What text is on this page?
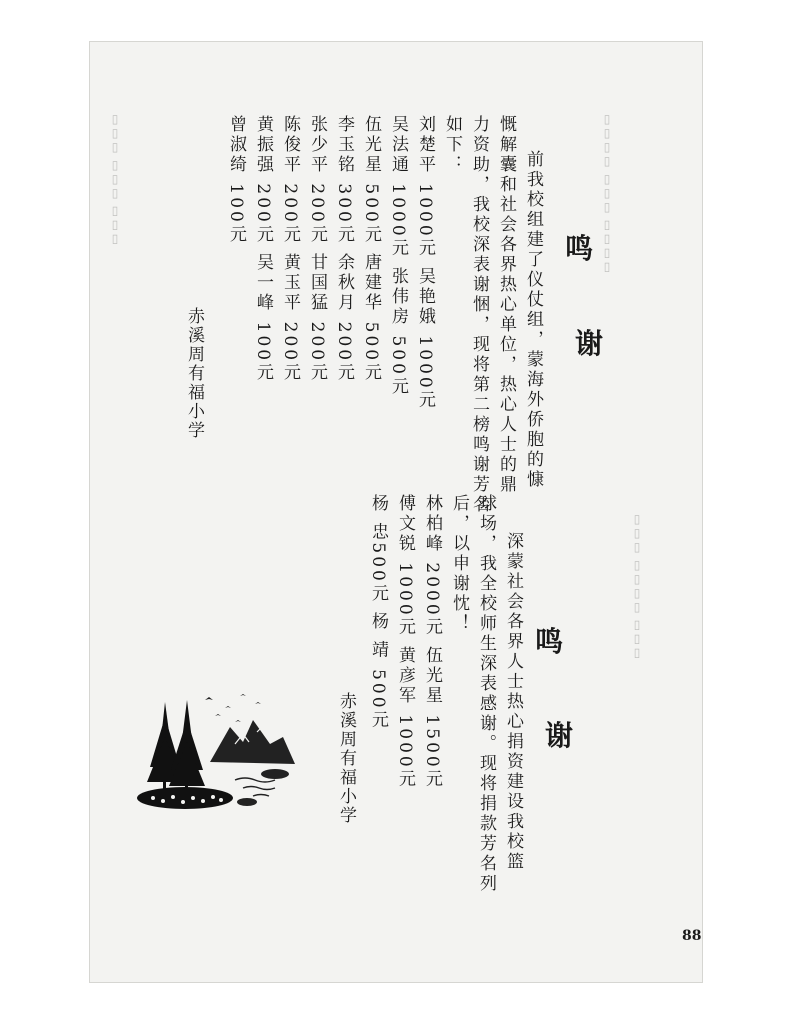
▯▯▯ ▯▯▯ ▯▯▯	▯▯▯▯ ▯▯▯ ▯▯▯▯
▯▯▯ ▯▯▯▯ ▯▯▯
鸣
谢
前我校组建了仪仗组，蒙海外侨胞的慷
慨解囊和社会各界热心单位，热心人士的鼎
力资助，我校深表谢悃，现将第二榜鸣谢芳名
如下：
刘楚平 1000元 吴艳娥 1000元
吴法通 1000元 张伟房 500元
伍光星 500元 唐建华 500元
李玉铭 300元 余秋月 200元
张少平 200元 甘国猛 200元
陈俊平 200元 黄玉平 200元
黄振强 200元 吴一峰 100元
曾淑绮 100元
赤溪周有福小学
鸣
谢
深蒙社会各界人士热心捐资建设我校篮
球场，我全校师生深表感谢。现将捐款芳名列
后，以申谢忱！
林柏峰 2000元 伍光星 1500元
傅文锐 1000元 黄彦军 1000元
杨 忠500元 杨 靖 500元
赤溪周有福小学
88
